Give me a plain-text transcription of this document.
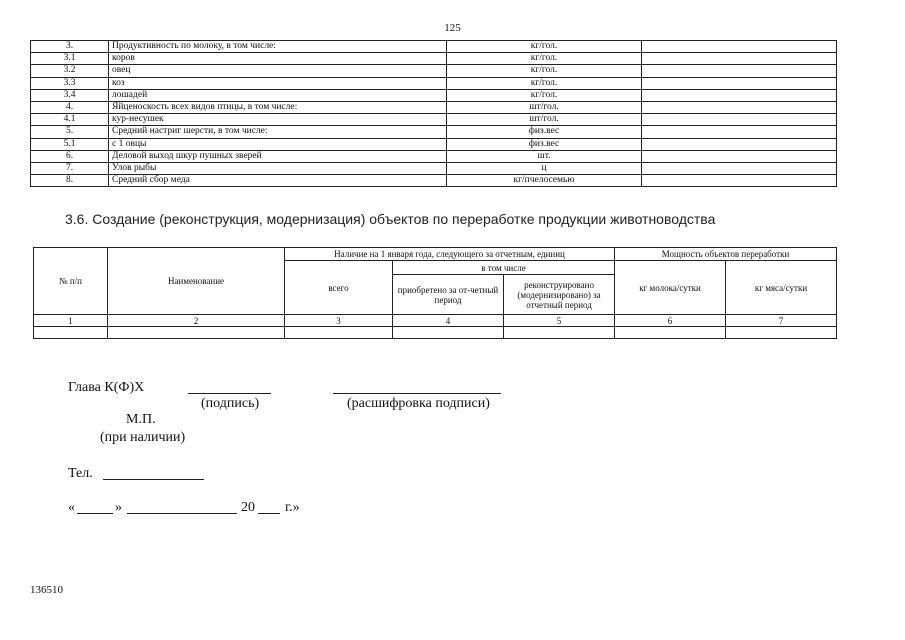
125
3.	Продуктивность по молоку, в том числе:	кг/гол.	
3.1	коров	кг/гол.	
3.2	овец	кг/гол.	
3.3	коз	кг/гол.	
3.4	лошадей	кг/гол.	
4.	Яйценоскость всех видов птицы, в том числе:	шт/гол.	
4.1	кур-несушек	шт/гол.	
5.	Средний настриг шерсти, в том числе:	физ.вес	
5.1	с 1 овцы	физ.вес	
6.	Деловой выход шкур пушных зверей	шт.	
7.	Улов рыбы	ц	
8.	Средний сбор меда	кг/пчелосемью	
3.6. Создание (реконструкция, модернизация) объектов по переработке продукции животноводства
№ п/п	Наименование	Наличие на 1 января года, следующего за отчетным, единиц			Мощность объектов переработки	
		всего	в том числе		кг молока/сутки	кг мяса/сутки
			приобретено за от-четный период	реконструировано (модернизировано) за отчетный период		
1	2	3	4	5	6	7

Глава К(Ф)Х
(подпись)	(расшифровка подписи)
М.П.
(при наличии)
Тел.
«	»	20 г.»
136510
